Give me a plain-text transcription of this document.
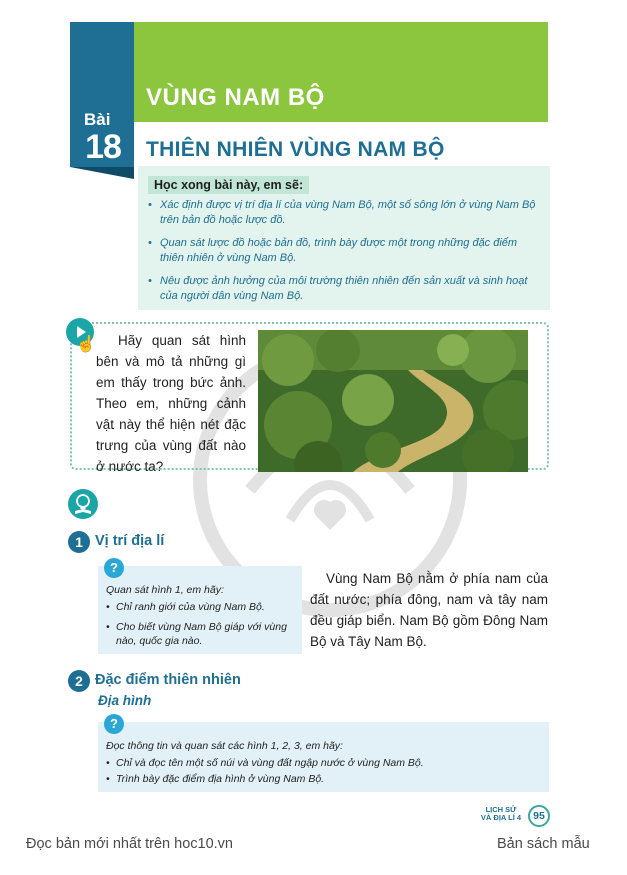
Bài
18
VÙNG NAM BỘ
THIÊN NHIÊN VÙNG NAM BỘ
Học xong bài này, em sẽ:
• Xác định được vị trí địa lí của vùng Nam Bộ, một số sông lớn ở vùng Nam Bộ trên bản đồ hoặc lược đồ.
• Quan sát lược đồ hoặc bản đồ, trình bày được một trong những đặc điểm thiên nhiên ở vùng Nam Bộ.
• Nêu được ảnh hưởng của môi trường thiên nhiên đến sản xuất và sinh hoạt của người dân vùng Nam Bộ.
☝	Hãy quan sát hình bên và mô tả những gì em thấy trong bức ảnh. Theo em, những cảnh vật này thể hiện nét đặc trưng của vùng đất nào ở nước ta?
1 Vị trí địa lí
?
Quan sát hình 1, em hãy:
• Chỉ ranh giới của vùng Nam Bộ.
• Cho biết vùng Nam Bộ giáp với vùng nào, quốc gia nào.
Vùng Nam Bộ nằm ở phía nam của đất nước; phía đông, nam và tây nam đều giáp biển. Nam Bộ gồm Đông Nam Bộ và Tây Nam Bộ.
2 Đặc điểm thiên nhiên
Địa hình
?
Đọc thông tin và quan sát các hình 1, 2, 3, em hãy:
• Chỉ và đọc tên một số núi và vùng đất ngập nước ở vùng Nam Bộ.
• Trình bày đặc điểm địa hình ở vùng Nam Bộ.
LỊCH SỬ
VÀ ĐỊA LÍ 4	95
Đọc bản mới nhất trên hoc10.vn	Bản sách mẫu
